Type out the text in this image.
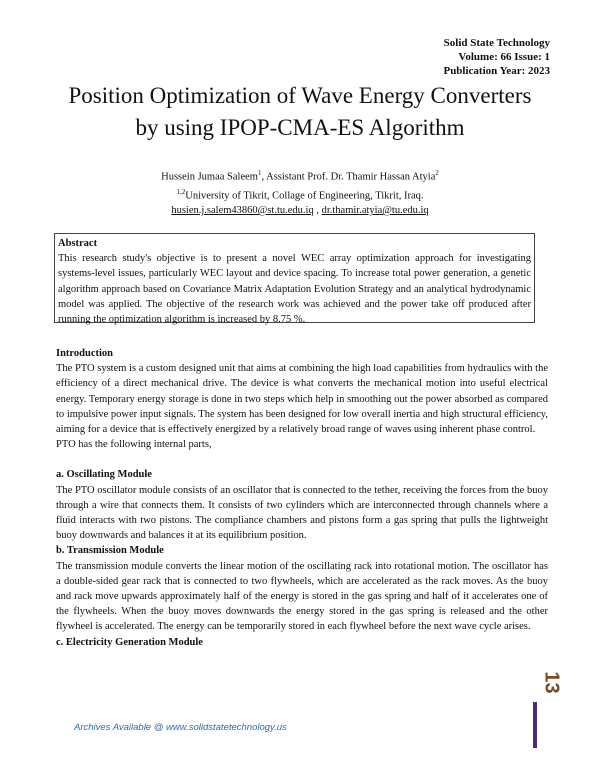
Solid State Technology
Volume: 66 Issue: 1
Publication Year: 2023
Position Optimization of Wave Energy Converters
by using IPOP-CMA-ES Algorithm
Hussein Jumaa Saleem$^1$, Assistant Prof. Dr. Thamir Hassan Atyia$^2$
$^{1,2}$University of Tikrit, Collage of Engineering, Tikrit, Iraq.
husien.j.salem43860@st.tu.edu.iq , dr.thamir.atyia@tu.edu.iq
Abstract
This research study's objective is to present a novel WEC array optimization approach for investigating systems-level issues, particularly WEC layout and device spacing. To increase total power generation, a genetic algorithm approach based on Covariance Matrix Adaptation Evolution Strategy and an analytical hydrodynamic model was applied. The objective of the research work was achieved and the power take off produced after running the optimization algorithm is increased by 8.75 %.

Introduction

The PTO system is a custom designed unit that aims at combining the high load capabilities from hydraulics with the efficiency of a direct mechanical drive. The device is what converts the mechanical motion into useful electrical energy. Temporary energy storage is done in two steps which help in smoothing out the power absorbed as compared to impulsive power input signals. The system has been designed for low overall inertia and high structural efficiency, aiming for a device that is effectively energized by a relatively broad range of waves using inherent phase control.

PTO has the following internal parts,

a. Oscillating Module

The PTO oscillator module consists of an oscillator that is connected to the tether, receiving the forces from the buoy through a wire that connects them. It consists of two cylinders which are interconnected through channels where a fluid interacts with two pistons. The compliance chambers and pistons form a gas spring that pulls the lightweight buoy downwards and balances it at its equilibrium position.

b. Transmission Module

The transmission module converts the linear motion of the oscillating rack into rotational motion. The oscillator has a double-sided gear rack that is connected to two flywheels, which are accelerated as the rack moves. As the buoy and rack move upwards approximately half of the energy is stored in the gas spring and half of it accelerates one of the flywheels. When the buoy moves downwards the energy stored in the gas spring is released and the other flywheel is accelerated. The energy can be temporarily stored in each flywheel before the next wave cycle arises.

c. Electricity Generation Module

13
Archives Available @ www.solidstatetechnology.us
